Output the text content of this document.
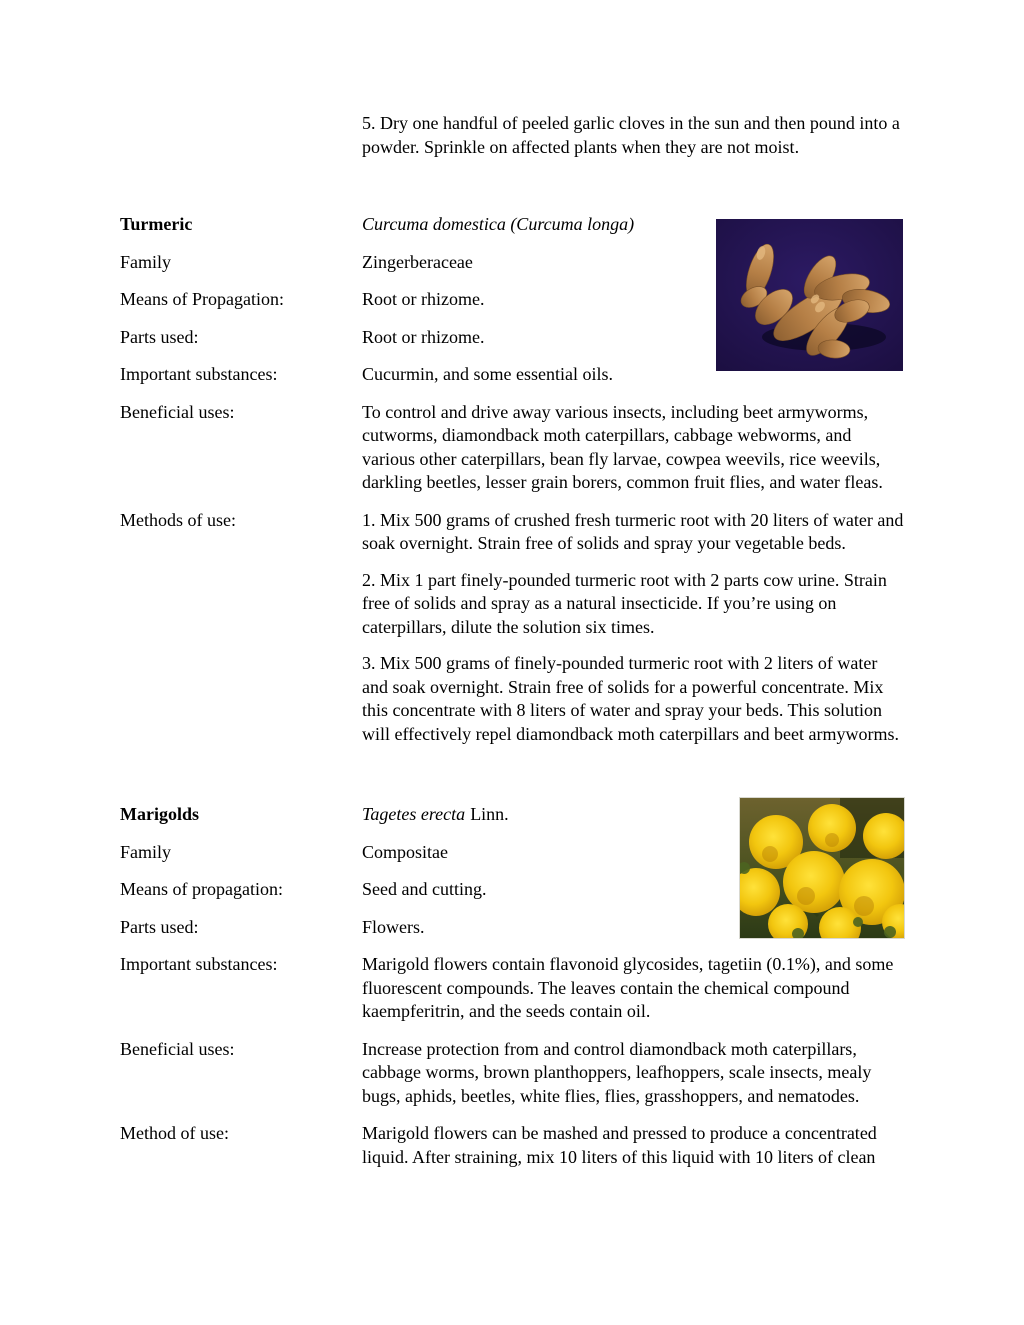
5. Dry one handful of peeled garlic cloves in the sun and then pound into a powder. Sprinkle on affected plants when they are not moist.

Turmeric	Curcuma domestica (Curcuma longa)
Family	Zingerberaceae
Means of Propagation:	Root or rhizome.
Parts used:	Root or rhizome.
Important substances:	Cucurmin, and some essential oils.
Beneficial uses:	To control and drive away various insects, including beet armyworms, cutworms, diamondback moth caterpillars, cabbage webworms, and various other caterpillars, bean fly larvae, cowpea weevils, rice weevils, darkling beetles, lesser grain borers, common fruit flies, and water fleas.
Methods of use:	1. Mix 500 grams of crushed fresh turmeric root with 20 liters of water and soak overnight. Strain free of solids and spray your vegetable beds.

2. Mix 1 part finely-pounded turmeric root with 2 parts cow urine. Strain free of solids and spray as a natural insecticide. If you’re using on caterpillars, dilute the solution six times.

3. Mix 500 grams of finely-pounded turmeric root with 2 liters of water and soak overnight. Strain free of solids for a powerful concentrate. Mix this concentrate with 8 liters of water and spray your beds. This solution will effectively repel diamondback moth caterpillars and beet armyworms.

Marigolds	Tagetes erecta Linn.
Family	Compositae
Means of propagation:	Seed and cutting.
Parts used:	Flowers.
Important substances:	Marigold flowers contain flavonoid glycosides, tagetiin (0.1%), and some fluorescent compounds. The leaves contain the chemical compound kaempferitrin, and the seeds contain oil.
Beneficial uses:	Increase protection from and control diamondback moth caterpillars, cabbage worms, brown planthoppers, leafhoppers, scale insects, mealy bugs, aphids, beetles, white flies, flies, grasshoppers, and nematodes.
Method of use:	Marigold flowers can be mashed and pressed to produce a concentrated liquid. After straining, mix 10 liters of this liquid with 10 liters of clean
